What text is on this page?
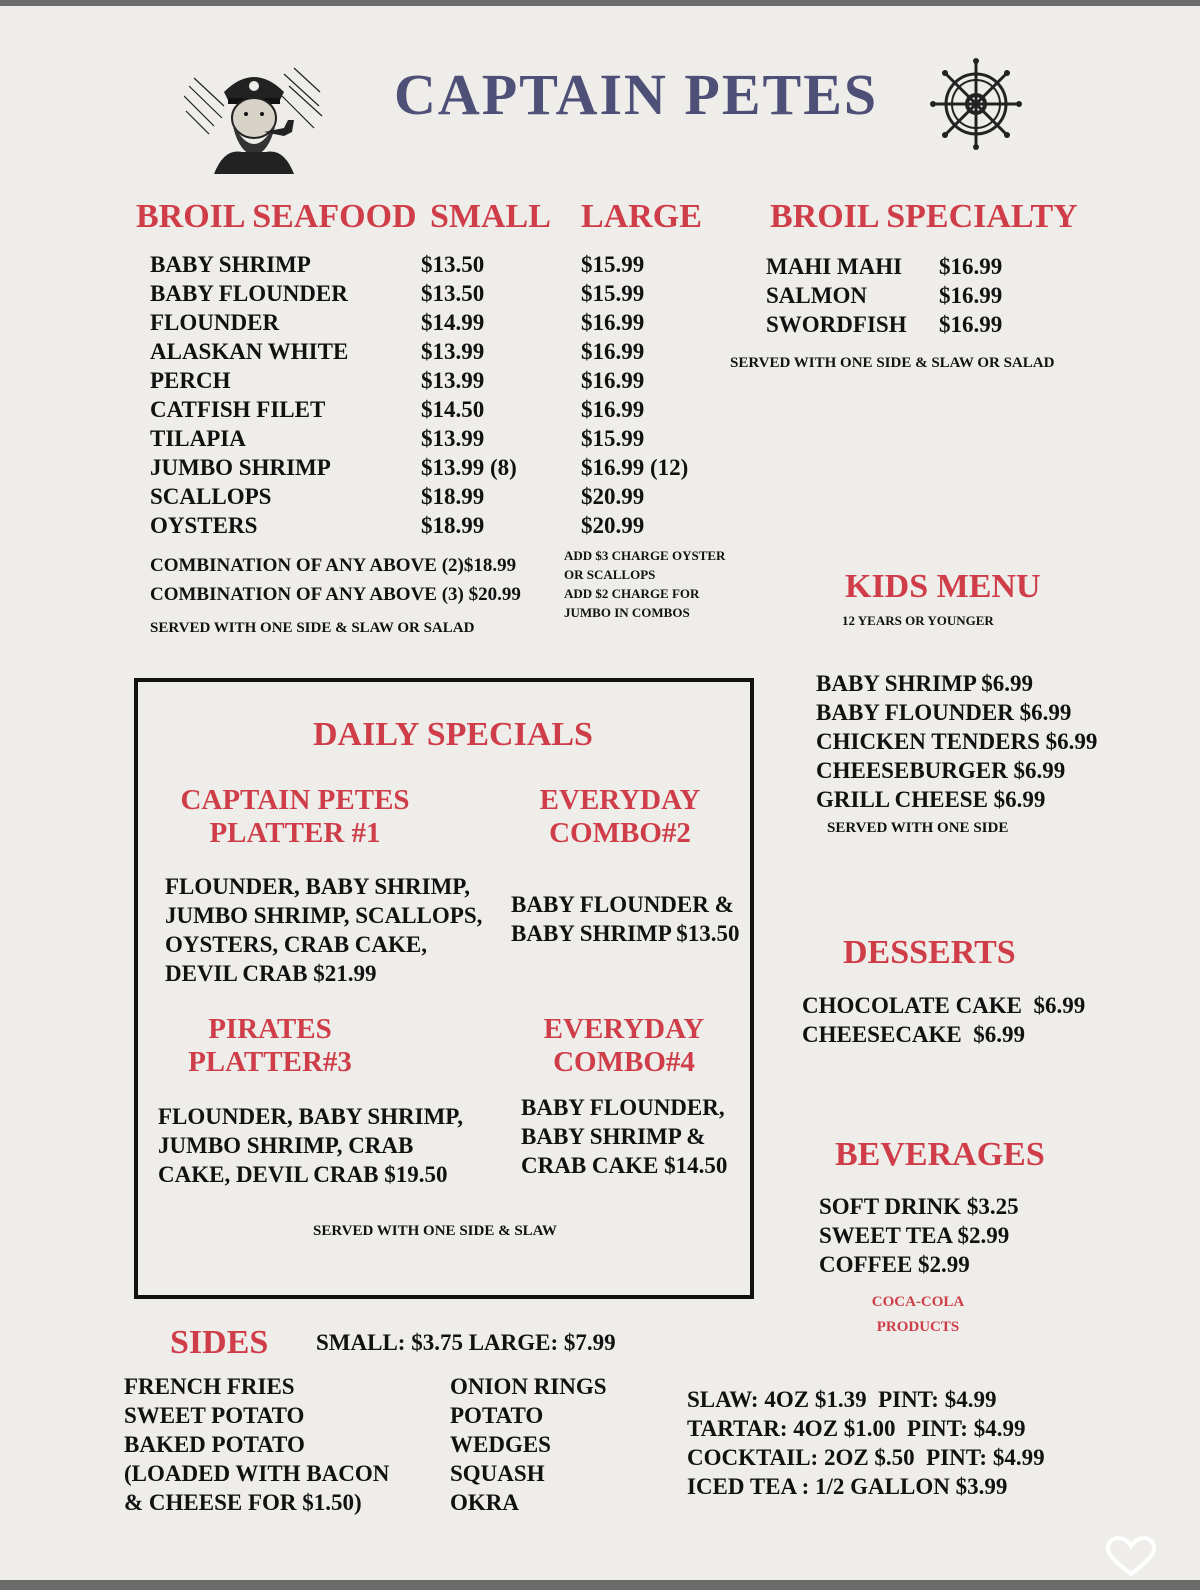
CAPTAIN PETES
BROIL SEAFOOD SMALL LARGE
BABY SHRIMP
BABY FLOUNDER
FLOUNDER
ALASKAN WHITE
PERCH
CATFISH FILET
TILAPIA
JUMBO SHRIMP
SCALLOPS
OYSTERS
$13.50
$13.50
$14.99
$13.99
$13.99
$14.50
$13.99
$13.99 (8)
$18.99
$18.99
$15.99
$15.99
$16.99
$16.99
$16.99
$16.99
$15.99
$16.99 (12)
$20.99
$20.99
COMBINATION OF ANY ABOVE (2)$18.99
COMBINATION OF ANY ABOVE (3) $20.99
ADD $3 CHARGE OYSTER
OR SCALLOPS
ADD $2 CHARGE FOR
JUMBO IN COMBOS
SERVED WITH ONE SIDE & SLAW OR SALAD
BROIL SPECIALTY
MAHI MAHI
SALMON
SWORDFISH
$16.99
$16.99
$16.99
SERVED WITH ONE SIDE & SLAW OR SALAD
KIDS MENU
12 YEARS OR YOUNGER
BABY SHRIMP $6.99
BABY FLOUNDER $6.99
CHICKEN TENDERS $6.99
CHEESEBURGER $6.99
GRILL CHEESE $6.99
SERVED WITH ONE SIDE
DAILY SPECIALS
CAPTAIN PETES
PLATTER #1
FLOUNDER, BABY SHRIMP,
JUMBO SHRIMP, SCALLOPS,
OYSTERS, CRAB CAKE,
DEVIL CRAB $21.99
EVERYDAY
COMBO#2
BABY FLOUNDER &
BABY SHRIMP $13.50
PIRATES
PLATTER#3
FLOUNDER, BABY SHRIMP,
JUMBO SHRIMP, CRAB
CAKE, DEVIL CRAB $19.50
EVERYDAY
COMBO#4
BABY FLOUNDER,
BABY SHRIMP &
CRAB CAKE $14.50
SERVED WITH ONE SIDE & SLAW
DESSERTS
CHOCOLATE CAKE  $6.99
CHEESECAKE  $6.99
BEVERAGES
SOFT DRINK $3.25
SWEET TEA $2.99
COFFEE $2.99
COCA-COLA
PRODUCTS
SIDES SMALL: $3.75 LARGE: $7.99
FRENCH FRIES
SWEET POTATO
BAKED POTATO
(LOADED WITH BACON
& CHEESE FOR $1.50)
ONION RINGS
POTATO
WEDGES
SQUASH
OKRA
SLAW: 4OZ $1.39  PINT: $4.99
TARTAR: 4OZ $1.00  PINT: $4.99
COCKTAIL: 2OZ $.50  PINT: $4.99
ICED TEA : 1/2 GALLON $3.99
